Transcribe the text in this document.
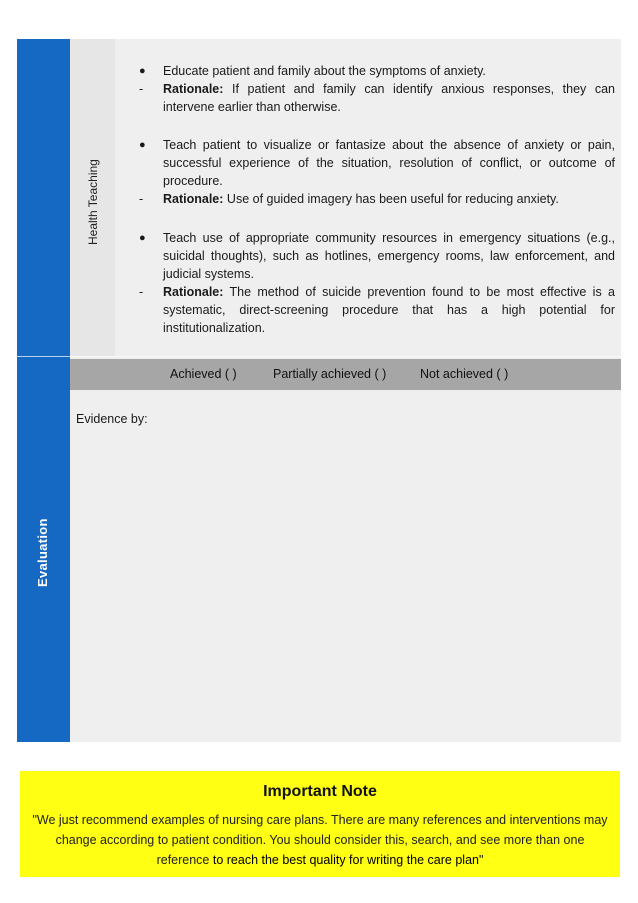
Health Teaching
Evaluation
● Educate patient and family about the symptoms of anxiety.
- Rationale: If patient and family can identify anxious responses, they can intervene earlier than otherwise.
● Teach patient to visualize or fantasize about the absence of anxiety or pain, successful experience of the situation, resolution of conflict, or outcome of procedure.
- Rationale: Use of guided imagery has been useful for reducing anxiety.
● Teach use of appropriate community resources in emergency situations (e.g., suicidal thoughts), such as hotlines, emergency rooms, law enforcement, and judicial systems.
- Rationale: The method of suicide prevention found to be most effective is a systematic, direct-screening procedure that has a high potential for institutionalization.
Achieved ( )	Partially achieved ( )	Not achieved ( )
Evidence by:
Important Note
"We just recommend examples of nursing care plans. There are many references and interventions may change according to patient condition. You should consider this, search, and see more than one reference to reach the best quality for writing the care plan"
